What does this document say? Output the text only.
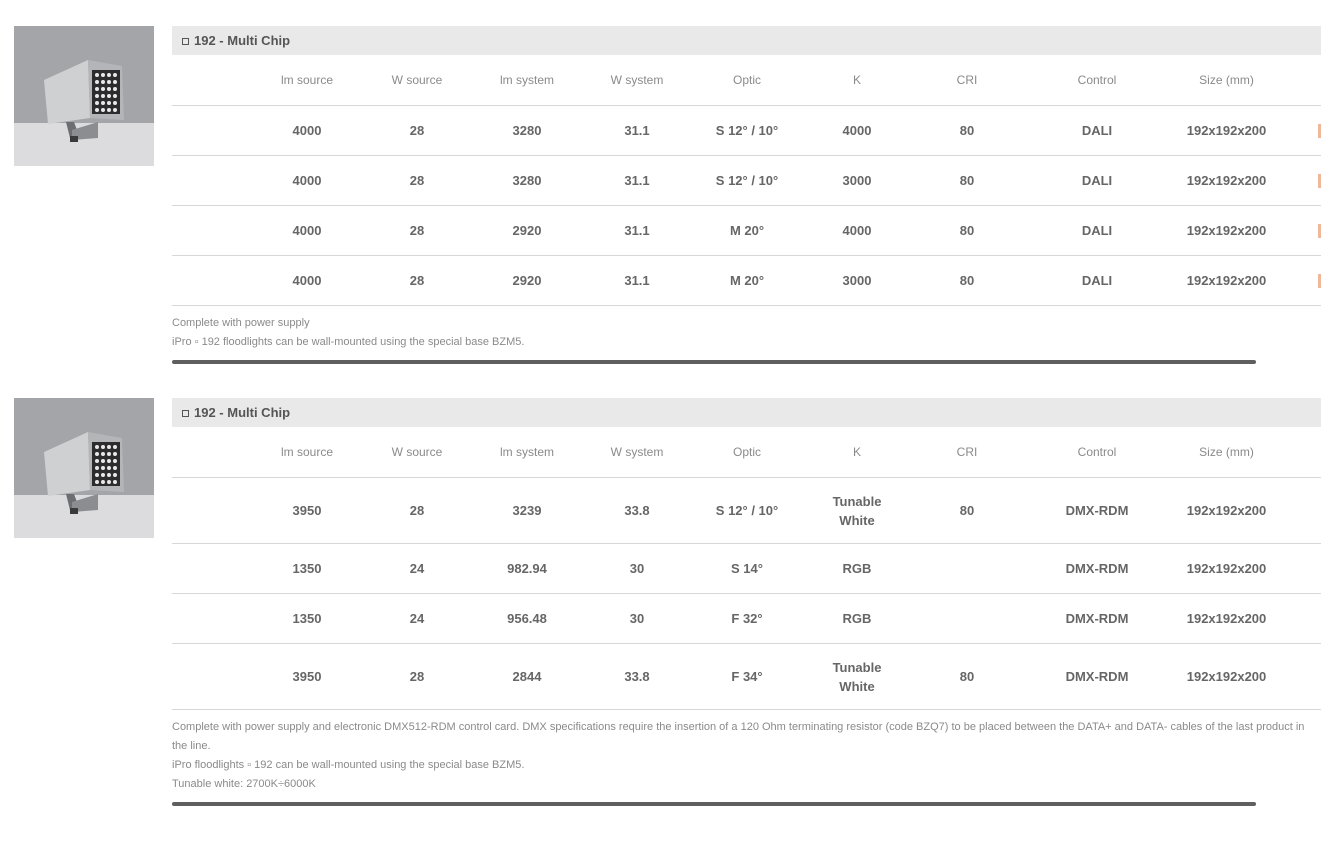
192 - Multi Chip
	lm source	W source	lm system	W system	Optic	K	CRI	Control	Size (mm)	
	4000	28	3280	31.1	S 12° / 10°	4000	80	DALI	192x192x200	

	4000	28	3280	31.1	S 12° / 10°	3000	80	DALI	192x192x200	

	4000	28	2920	31.1	M 20°	4000	80	DALI	192x192x200	

	4000	28	2920	31.1	M 20°	3000	80	DALI	192x192x200	
Complete with power supply
iPro ▫ 192 floodlights can be wall-mounted using the special base BZM5.
192 - Multi Chip
	lm source	W source	lm system	W system	Optic	K	CRI	Control	Size (mm)	
	3950	28	3239	33.8	S 12° / 10°	Tunable White	80	DMX-RDM	192x192x200	
	1350	24	982.94	30	S 14°	RGB		DMX-RDM	192x192x200	
	1350	24	956.48	30	F 32°	RGB		DMX-RDM	192x192x200	
	3950	28	2844	33.8	F 34°	Tunable White	80	DMX-RDM	192x192x200	
Complete with power supply and electronic DMX512-RDM control card. DMX specifications require the insertion of a 120 Ohm terminating resistor (code BZQ7) to be placed between the DATA+ and DATA- cables of the last product in the line.
iPro floodlights ▫ 192 can be wall-mounted using the special base BZM5.
Tunable white: 2700K÷6000K
